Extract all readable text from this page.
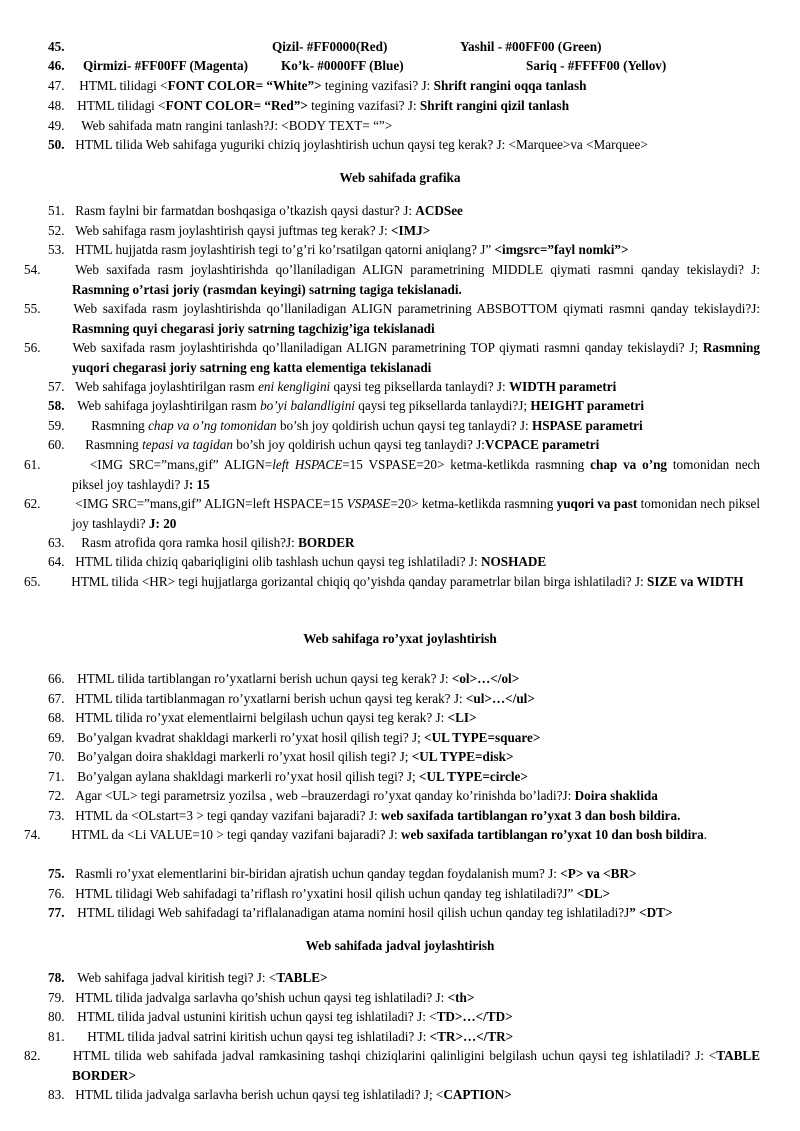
45.	Qizil- #FF0000(Red)	Yashil - #00FF00 (Green)
46. Qirmizi- #FF00FF (Magenta) Ko’k- #0000FF (Blue)	Sariq - #FFFF00 (Yellov)
47. HTML tilidagi <FONT COLOR= “White”> tegining vazifasi? J: Shrift rangini oqqa tanlash
48. HTML tilidagi <FONT COLOR= “Red”> tegining vazifasi? J: Shrift rangini qizil tanlash
49. Web sahifada matn rangini tanlash?J: <BODY TEXT= “”>
50. HTML tilida Web sahifaga yuguriki chiziq joylashtirish uchun qaysi teg kerak? J: <Marquee>va <Marquee>
Web sahifada grafika
51. Rasm faylni bir farmatdan boshqasiga o’tkazish qaysi dastur? J: ACDSee
52. Web sahifaga rasm joylashtirish qaysi juftmas teg kerak? J: <IMJ>
53. HTML hujjatda rasm joylashtirish tegi to’g’ri ko’rsatilgan qatorni aniqlang? J” <imgsrc=”fayl nomki”>
54.	Web saxifada rasm joylashtirishda qo’llaniladigan ALIGN parametrining MIDDLE qiymati rasmni qanday tekislaydi? J: Rasmning o’rtasi joriy (rasmdan keyingi) satrning tagiga tekislanadi.
55. Web saxifada rasm joylashtirishda qo’llaniladigan ALIGN parametrining ABSBOTTOM qiymati rasmni qanday tekislaydi?J: Rasmning quyi chegarasi joriy satrning tagchizig’iga tekislanadi
56. Web saxifada rasm joylashtirishda qo’llaniladigan ALIGN parametrining TOP qiymati rasmni qanday tekislaydi? J; Rasmning yuqori chegarasi joriy satrning eng katta elementiga tekislanadi
57. Web sahifaga joylashtirilgan rasm eni kengligini qaysi teg piksellarda tanlaydi? J: WIDTH parametri
58. Web sahifaga joylashtirilgan rasm bo’yi balandligini qaysi teg piksellarda tanlaydi?J; HEIGHT parametri
59. Rasmning chap va o’ng tomonidan bo’sh joy qoldirish uchun qaysi teg tanlaydi? J: HSPASE parametri
60. Rasmning tepasi va tagidan bo’sh joy qoldirish uchun qaysi teg tanlaydi? J:VCPACE parametri
61.	<IMG SRC=”mans,gif” ALIGN=left HSPACE=15 VSPASE=20> ketma-ketlikda rasmning chap va o’ng tomonidan nech piksel joy tashlaydi? J: 15
62.	<IMG SRC=”mans,gif” ALIGN=left HSPACE=15 VSPASE=20> ketma-ketlikda rasmning yuqori va past tomonidan nech piksel joy tashlaydi? J: 20
63. Rasm atrofida qora ramka hosil qilish?J: BORDER
64. HTML tilida chiziq qabariqligini olib tashlash uchun qaysi teg ishlatiladi? J: NOSHADE
65. HTML tilida <HR> tegi hujjatlarga gorizantal chiqiq qo’yishda qanday parametrlar bilan birga ishlatiladi? J: SIZE va WIDTH
Web sahifaga ro’yxat joylashtirish
66. HTML tilida tartiblangan ro’yxatlarni berish uchun qaysi teg kerak? J: <ol>…</ol>
67. HTML tilida tartiblanmagan ro’yxatlarni berish uchun qaysi teg kerak? J: <ul>…</ul>
68. HTML tilida ro’yxat elementlairni belgilash uchun qaysi teg kerak? J: <LI>
69. Bo’yalgan kvadrat shakldagi markerli ro’yxat hosil qilish tegi? J; <UL TYPE=square>
70. Bo’yalgan doira shakldagi markerli ro’yxat hosil qilish tegi? J; <UL TYPE=disk>
71. Bo’yalgan aylana shakldagi markerli ro’yxat hosil qilish tegi? J; <UL TYPE=circle>
72. Agar <UL> tegi parametrsiz yozilsa , web –brauzerdagi ro’yxat qanday ko’rinishda bo’ladi?J: Doira shaklida
73. HTML da <OLstart=3 > tegi qanday vazifani bajaradi? J: web saxifada tartiblangan ro’yxat 3 dan bosh bildira.
74. HTML da <Li VALUE=10 > tegi qanday vazifani bajaradi? J: web saxifada tartiblangan ro’yxat 10 dan bosh bildira.
75. Rasmli ro’yxat elementlarini bir-biridan ajratish uchun qanday tegdan foydalanish mum? J: <P> va <BR>
76. HTML tilidagi Web sahifadagi ta’riflash ro’yxatini hosil qilish uchun qanday teg ishlatiladi?J” <DL>
77. HTML tilidagi Web sahifadagi ta’riflalanadigan atama nomini hosil qilish uchun qanday teg ishlatiladi?J” <DT>
Web sahifada jadval joylashtirish
78. Web sahifaga jadval kiritish tegi? J: <TABLE>
79. HTML tilida jadvalga sarlavha qo’shish uchun qaysi teg ishlatiladi? J: <th>
80. HTML tilida jadval ustunini kiritish uchun qaysi teg ishlatiladi? J: <TD>…</TD>
81. HTML tilida jadval satrini kiritish uchun qaysi teg ishlatiladi? J: <TR>…</TR>
82. HTML tilida web sahifada jadval ramkasining tashqi chiziqlarini qalinligini belgilash uchun qaysi teg ishlatiladi? J: <TABLE BORDER>
83. HTML tilida jadvalga sarlavha berish uchun qaysi teg ishlatiladi? J; <CAPTION>
